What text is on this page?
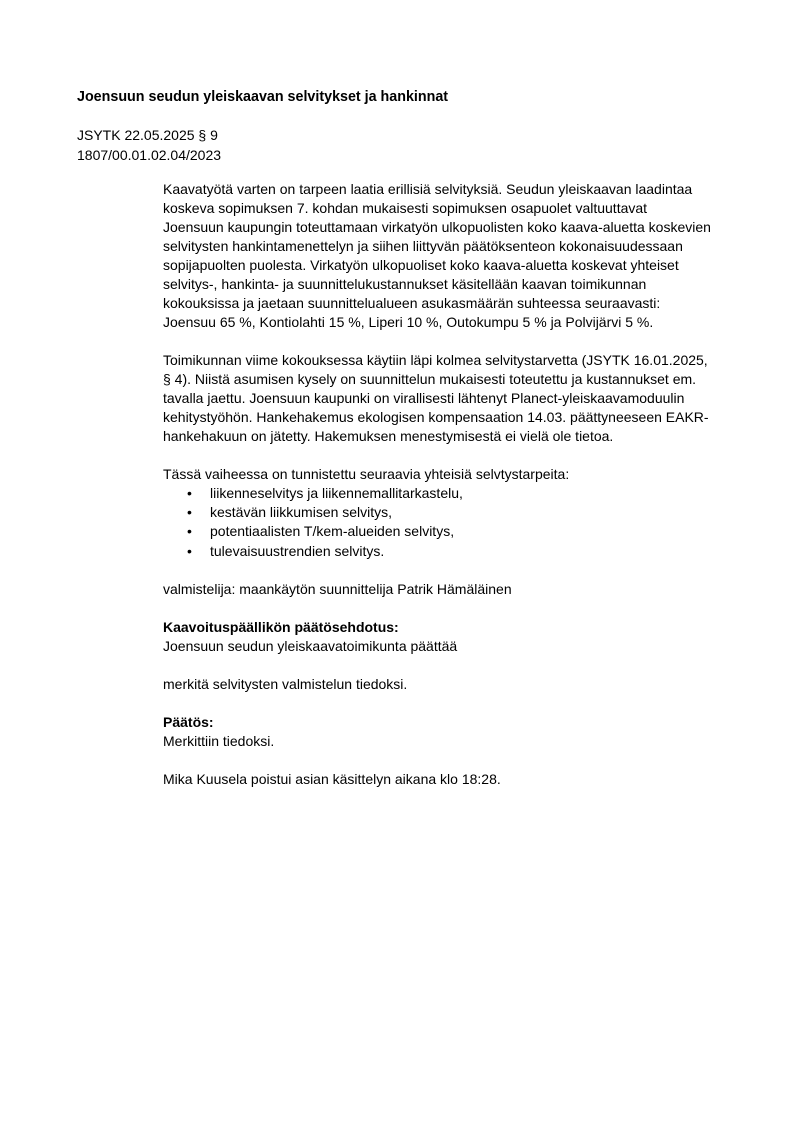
Joensuun seudun yleiskaavan selvitykset ja hankinnat
JSYTK 22.05.2025 § 9
1807/00.01.02.04/2023

Kaavatyötä varten on tarpeen laatia erillisiä selvityksiä. Seudun yleiskaavan laadintaa
koskeva sopimuksen 7. kohdan mukaisesti sopimuksen osapuolet valtuuttavat
Joensuun kaupungin toteuttamaan virkatyön ulkopuolisten koko kaava-aluetta koskevien
selvitysten hankintamenettelyn ja siihen liittyvän päätöksenteon kokonaisuudessaan
sopijapuolten puolesta. Virkatyön ulkopuoliset koko kaava-aluetta koskevat yhteiset
selvitys-, hankinta- ja suunnittelukustannukset käsitellään kaavan toimikunnan
kokouksissa ja jaetaan suunnittelualueen asukasmäärän suhteessa seuraavasti:
Joensuu 65 %, Kontiolahti 15 %, Liperi 10 %, Outokumpu 5 % ja Polvijärvi 5 %.

Toimikunnan viime kokouksessa käytiin läpi kolmea selvitystarvetta (JSYTK 16.01.2025,
§ 4). Niistä asumisen kysely on suunnittelun mukaisesti toteutettu ja kustannukset em.
tavalla jaettu. Joensuun kaupunki on virallisesti lähtenyt Planect-yleiskaavamoduulin
kehitystyöhön. Hankehakemus ekologisen kompensaation 14.03. päättyneeseen EAKR-
hankehakuun on jätetty. Hakemuksen menestymisestä ei vielä ole tietoa.

Tässä vaiheessa on tunnistettu seuraavia yhteisiä selvtystarpeita:

• liikenneselvitys ja liikennemallitarkastelu,
• kestävän liikkumisen selvitys,
• potentiaalisten T/kem-alueiden selvitys,
• tulevaisuustrendien selvitys.

valmistelija: maankäytön suunnittelija Patrik Hämäläinen

Kaavoituspäällikön päätösehdotus:

Joensuun seudun yleiskaavatoimikunta päättää

merkitä selvitysten valmistelun tiedoksi.

Päätös:

Merkittiin tiedoksi.

Mika Kuusela poistui asian käsittelyn aikana klo 18:28.
